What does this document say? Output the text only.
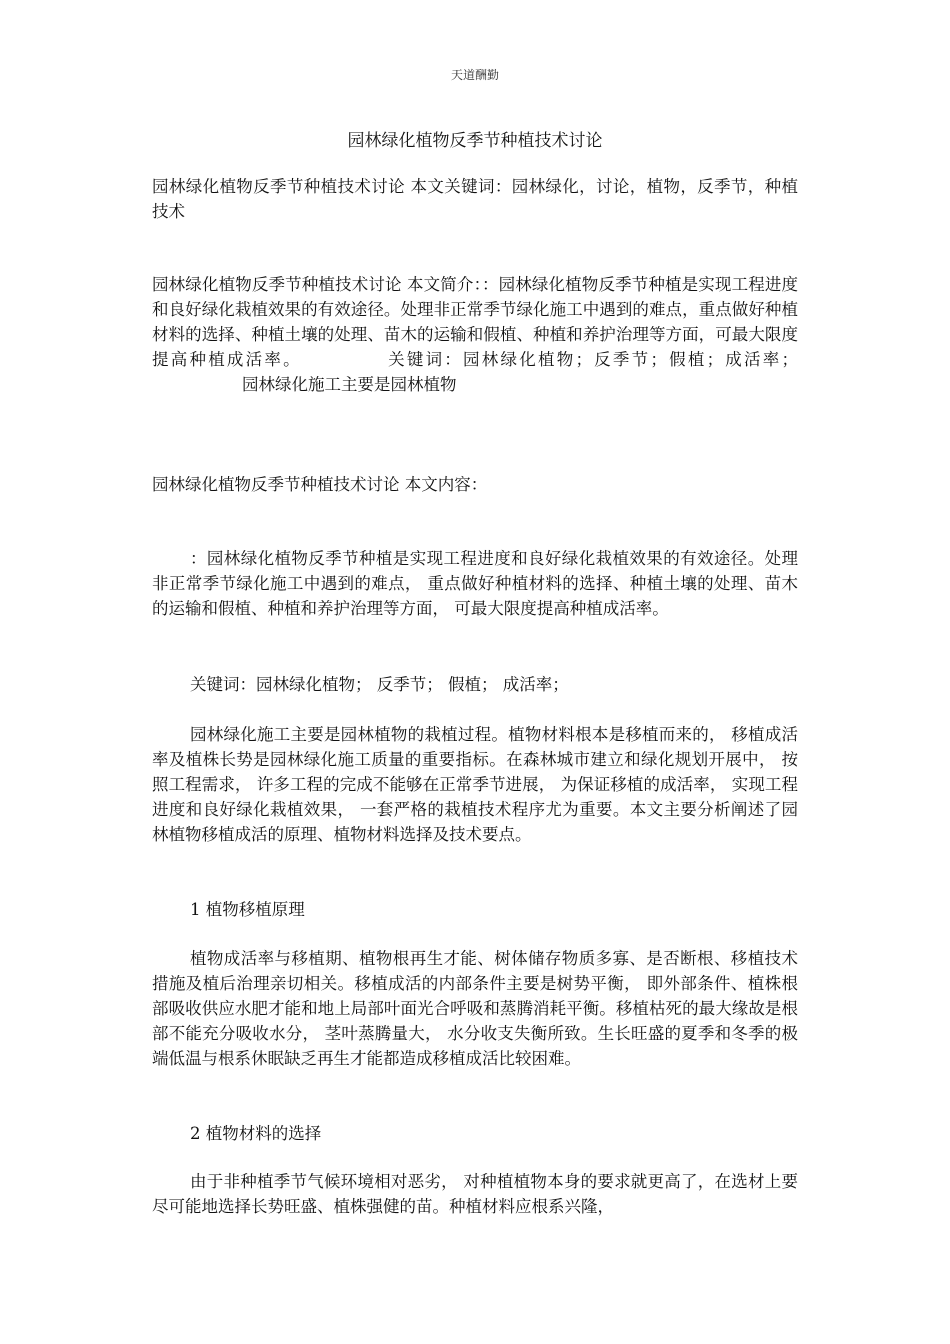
天道酬勤
园林绿化植物反季节种植技术讨论

园林绿化植物反季节种植技术讨论 本文关键词：园林绿化，讨论，植物，反季节，种植技术

园林绿化植物反季节种植技术讨论 本文简介：：园林绿化植物反季节种植是实现工程进度和良好绿化栽植效果的有效途径。处理非正常季节绿化施工中遇到的难点，重点做好种植材料的选择、种植土壤的处理、苗木的运输和假植、种植和养护治理等方面，可最大限度提高种植成活率。	关键词：园林绿化植物；反季节；假植；成活率；园林绿化施工主要是园林植物

园林绿化植物反季节种植技术讨论 本文内容：

：园林绿化植物反季节种植是实现工程进度和良好绿化栽植效果的有效途径。处理非正常季节绿化施工中遇到的难点， 重点做好种植材料的选择、种植土壤的处理、苗木的运输和假植、种植和养护治理等方面， 可最大限度提高种植成活率。

关键词：园林绿化植物； 反季节； 假植； 成活率；

园林绿化施工主要是园林植物的栽植过程。植物材料根本是移植而来的， 移植成活率及植株长势是园林绿化施工质量的重要指标。在森林城市建立和绿化规划开展中， 按照工程需求， 许多工程的完成不能够在正常季节进展， 为保证移植的成活率， 实现工程进度和良好绿化栽植效果， 一套严格的栽植技术程序尤为重要。本文主要分析阐述了园林植物移植成活的原理、植物材料选择及技术要点。

1 植物移植原理

植物成活率与移植期、植物根再生才能、树体储存物质多寡、是否断根、移植技术措施及植后治理亲切相关。移植成活的内部条件主要是树势平衡， 即外部条件、植株根部吸收供应水肥才能和地上局部叶面光合呼吸和蒸腾消耗平衡。移植枯死的最大缘故是根部不能充分吸收水分， 茎叶蒸腾量大， 水分收支失衡所致。生长旺盛的夏季和冬季的极端低温与根系休眠缺乏再生才能都造成移植成活比较困难。

2 植物材料的选择

由于非种植季节气候环境相对恶劣， 对种植植物本身的要求就更高了，在选材上要尽可能地选择长势旺盛、植株强健的苗。种植材料应根系兴隆，
